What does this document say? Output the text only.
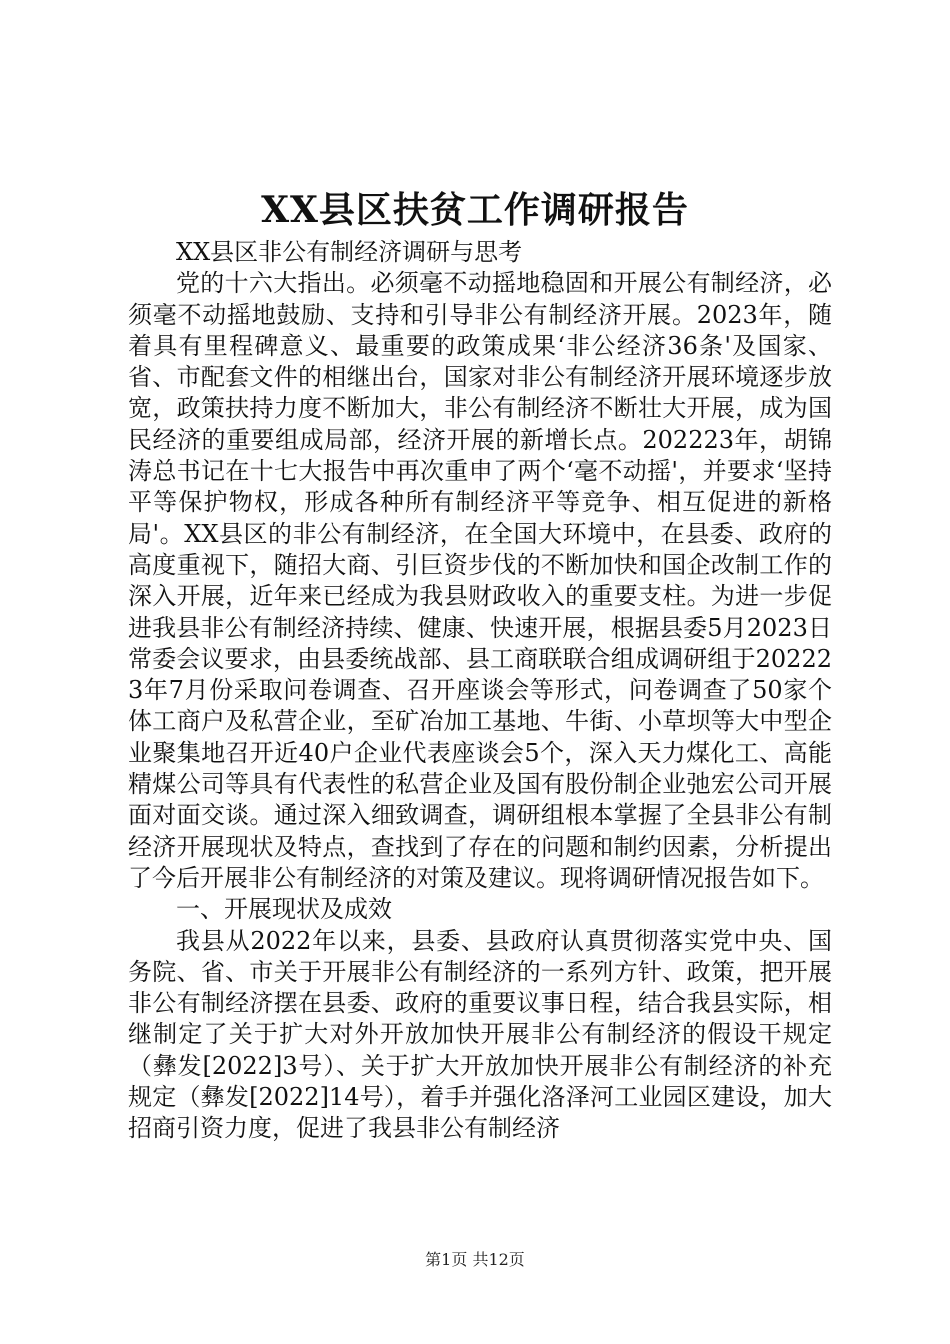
XX县区扶贫工作调研报告

XX县区非公有制经济调研与思考

党的十六大指出。必须毫不动摇地稳固和开展公有制经济，必须毫不动摇地鼓励、支持和引导非公有制经济开展。2023年，随着具有里程碑意义、最重要的政策成果‘非公经济36条'及国家、省、市配套文件的相继出台，国家对非公有制经济开展环境逐步放宽，政策扶持力度不断加大，非公有制经济不断壮大开展，成为国民经济的重要组成局部，经济开展的新增长点。202223年，胡锦涛总书记在十七大报告中再次重申了两个‘毫不动摇'，并要求‘坚持平等保护物权，形成各种所有制经济平等竞争、相互促进的新格局'。XX县区的非公有制经济，在全国大环境中，在县委、政府的高度重视下，随招大商、引巨资步伐的不断加快和国企改制工作的深入开展，近年来已经成为我县财政收入的重要支柱。为进一步促进我县非公有制经济持续、健康、快速开展，根据县委5月2023日常委会议要求，由县委统战部、县工商联联合组成调研组于202223年7月份采取问卷调查、召开座谈会等形式，问卷调查了50家个体工商户及私营企业，至矿冶加工基地、牛街、小草坝等大中型企业聚集地召开近40户企业代表座谈会5个，深入天力煤化工、高能精煤公司等具有代表性的私营企业及国有股份制企业弛宏公司开展面对面交谈。通过深入细致调查，调研组根本掌握了全县非公有制经济开展现状及特点，查找到了存在的问题和制约因素，分析提出了今后开展非公有制经济的对策及建议。现将调研情况报告如下。

一、开展现状及成效

我县从2022年以来，县委、县政府认真贯彻落实党中央、国务院、省、市关于开展非公有制经济的一系列方针、政策，把开展非公有制经济摆在县委、政府的重要议事日程，结合我县实际，相继制定了关于扩大对外开放加快开展非公有制经济的假设干规定（彝发[2022]3号）、关于扩大开放加快开展非公有制经济的补充规定（彝发[2022]14号），着手并强化洛泽河工业园区建设，加大招商引资力度，促进了我县非公有制经济

第1页 共12页
